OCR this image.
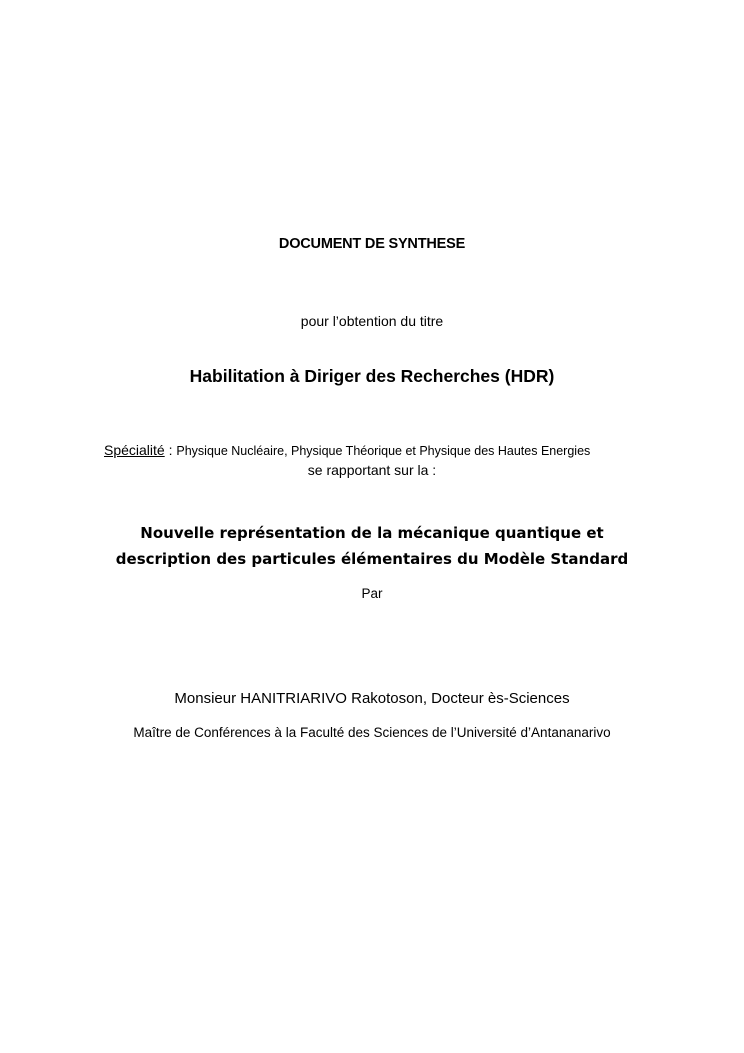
DOCUMENT DE SYNTHESE
pour l’obtention du titre
Habilitation à Diriger des Recherches (HDR)
Spécialité : Physique Nucléaire, Physique Théorique et Physique des Hautes Energies
se rapportant sur la :
Nouvelle représentation de la mécanique quantique et
description des particules élémentaires du Modèle Standard
Par
Monsieur HANITRIARIVO Rakotoson, Docteur ès-Sciences
Maître de Conférences à la Faculté des Sciences de l’Université d’Antananarivo
